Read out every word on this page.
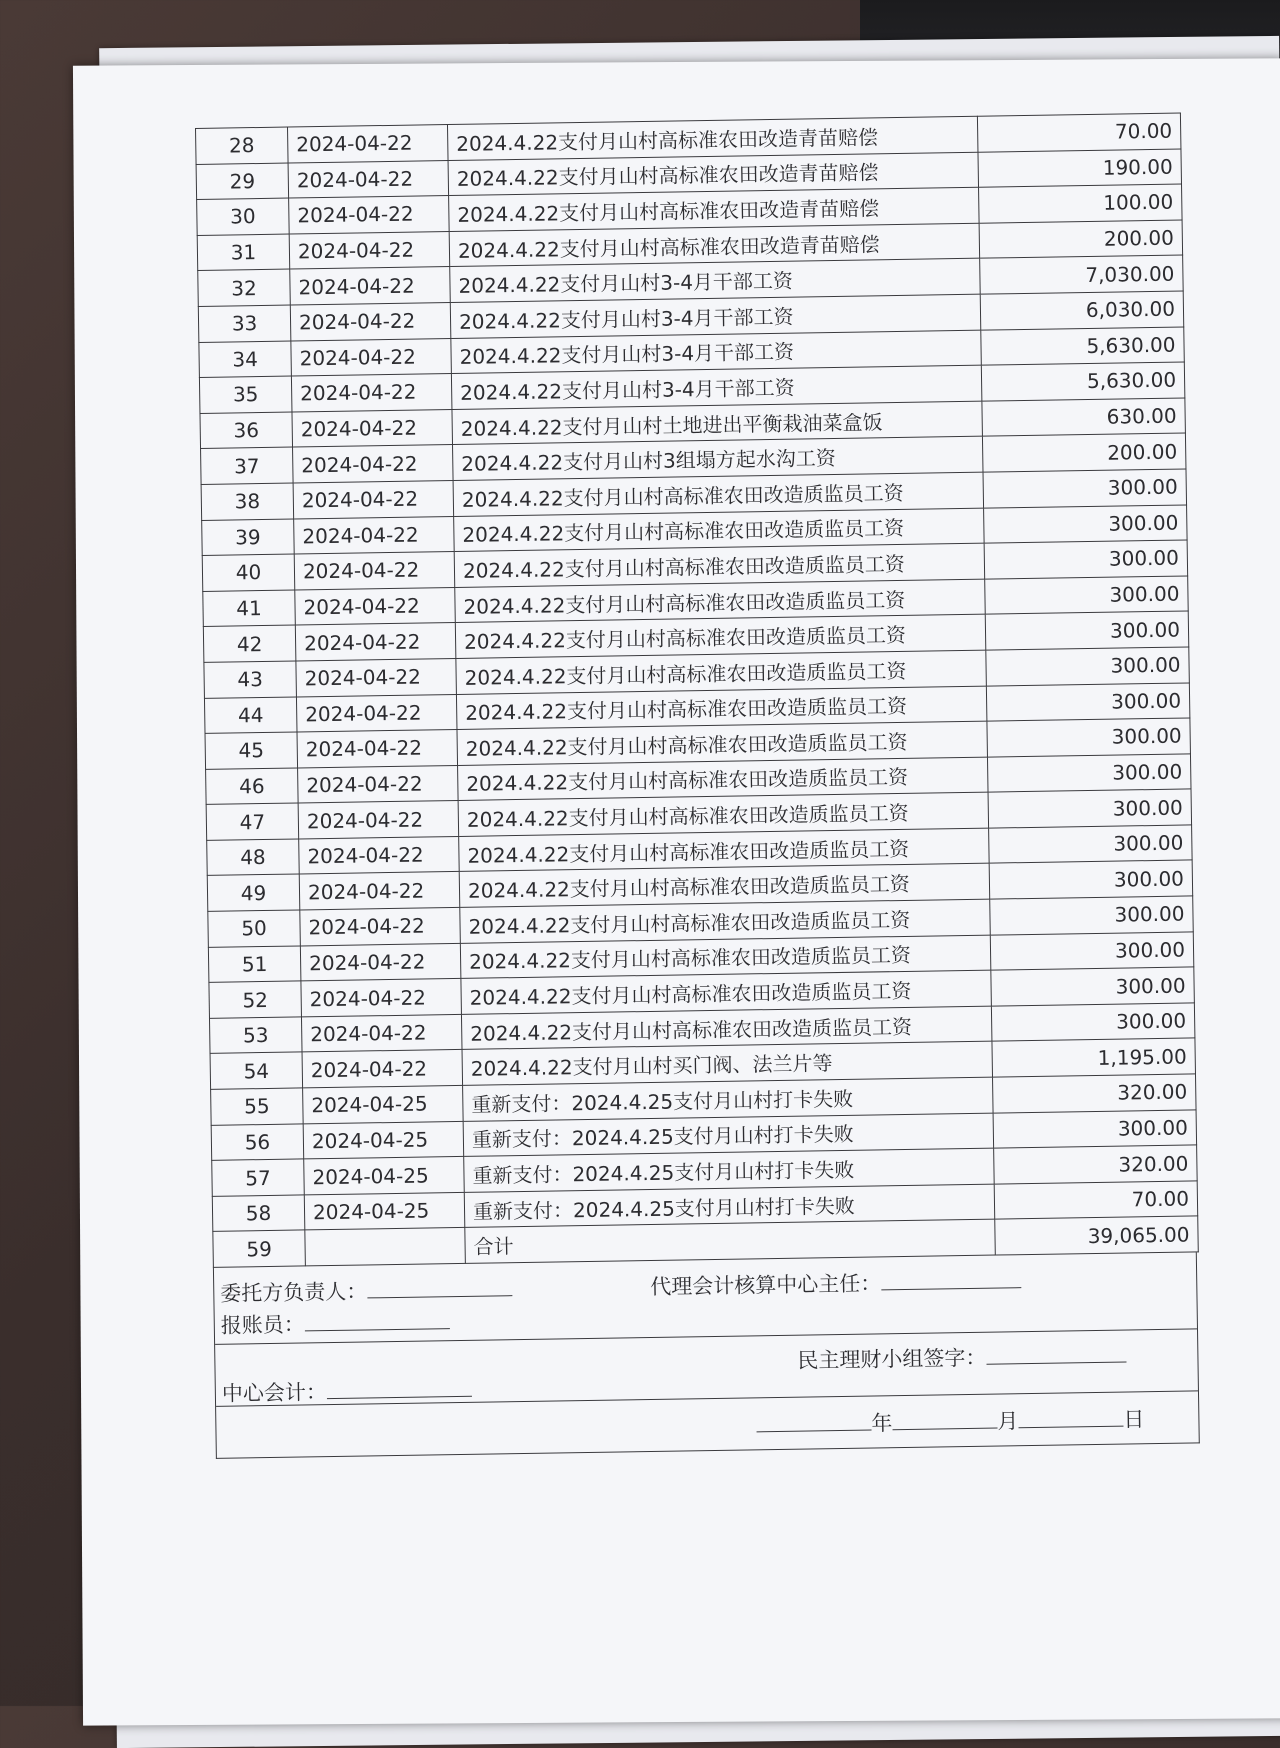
28	2024-04-22	2024.4.22支付月山村高标准农田改造青苗赔偿	70.00
29	2024-04-22	2024.4.22支付月山村高标准农田改造青苗赔偿	190.00
30	2024-04-22	2024.4.22支付月山村高标准农田改造青苗赔偿	100.00
31	2024-04-22	2024.4.22支付月山村高标准农田改造青苗赔偿	200.00
32	2024-04-22	2024.4.22支付月山村3-4月干部工资	7,030.00
33	2024-04-22	2024.4.22支付月山村3-4月干部工资	6,030.00
34	2024-04-22	2024.4.22支付月山村3-4月干部工资	5,630.00
35	2024-04-22	2024.4.22支付月山村3-4月干部工资	5,630.00
36	2024-04-22	2024.4.22支付月山村土地进出平衡栽油菜盒饭	630.00
37	2024-04-22	2024.4.22支付月山村3组塌方起水沟工资	200.00
38	2024-04-22	2024.4.22支付月山村高标准农田改造质监员工资	300.00
39	2024-04-22	2024.4.22支付月山村高标准农田改造质监员工资	300.00
40	2024-04-22	2024.4.22支付月山村高标准农田改造质监员工资	300.00
41	2024-04-22	2024.4.22支付月山村高标准农田改造质监员工资	300.00
42	2024-04-22	2024.4.22支付月山村高标准农田改造质监员工资	300.00
43	2024-04-22	2024.4.22支付月山村高标准农田改造质监员工资	300.00
44	2024-04-22	2024.4.22支付月山村高标准农田改造质监员工资	300.00
45	2024-04-22	2024.4.22支付月山村高标准农田改造质监员工资	300.00
46	2024-04-22	2024.4.22支付月山村高标准农田改造质监员工资	300.00
47	2024-04-22	2024.4.22支付月山村高标准农田改造质监员工资	300.00
48	2024-04-22	2024.4.22支付月山村高标准农田改造质监员工资	300.00
49	2024-04-22	2024.4.22支付月山村高标准农田改造质监员工资	300.00
50	2024-04-22	2024.4.22支付月山村高标准农田改造质监员工资	300.00
51	2024-04-22	2024.4.22支付月山村高标准农田改造质监员工资	300.00
52	2024-04-22	2024.4.22支付月山村高标准农田改造质监员工资	300.00
53	2024-04-22	2024.4.22支付月山村高标准农田改造质监员工资	300.00
54	2024-04-22	2024.4.22支付月山村买门阀、法兰片等	1,195.00
55	2024-04-25	重新支付：2024.4.25支付月山村打卡失败	320.00
56	2024-04-25	重新支付：2024.4.25支付月山村打卡失败	300.00
57	2024-04-25	重新支付：2024.4.25支付月山村打卡失败	320.00
58	2024-04-25	重新支付：2024.4.25支付月山村打卡失败	70.00
59		合计	39,065.00
委托方负责人：	代理会计核算中心主任：
报账员：
民主理财小组签字：
中心会计：
年	月	日
